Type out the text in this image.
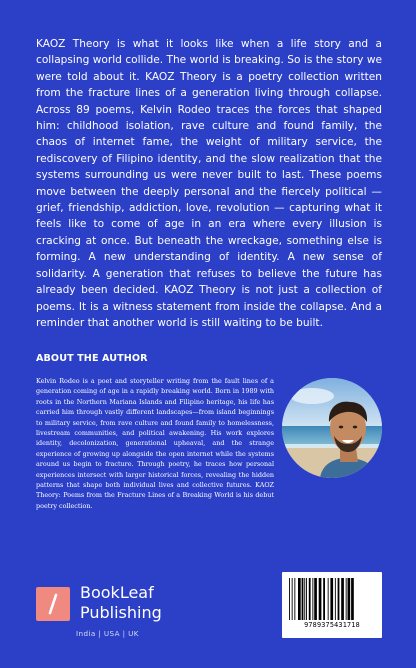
KAOZ Theory is what it looks like when a life story and a collapsing world collide. The world is breaking. So is the story we were told about it. KAOZ Theory is a poetry collection written from the fracture lines of a generation living through collapse. Across 89 poems, Kelvin Rodeo traces the forces that shaped him: childhood isolation, rave culture and found family, the chaos of internet fame, the weight of military service, the rediscovery of Filipino identity, and the slow realization that the systems surrounding us were never built to last. These poems move between the deeply personal and the fiercely political — grief, friendship, addiction, love, revolution — capturing what it feels like to come of age in an era where every illusion is cracking at once. But beneath the wreckage, something else is forming. A new understanding of identity. A new sense of solidarity. A generation that refuses to believe the future has already been decided. KAOZ Theory is not just a collection of poems. It is a witness statement from inside the collapse. And a reminder that another world is still waiting to be built.

ABOUT THE AUTHOR

Kelvin Rodeo is a poet and storyteller writing from the fault lines of a generation coming of age in a rapidly breaking world. Born in 1989 with roots in the Northern Mariana Islands and Filipino heritage, his life has carried him through vastly different landscapes—from island beginnings to military service, from rave culture and found family to homelessness, livestream communities, and political awakening. His work explores identity, decolonization, generational upheaval, and the strange experience of growing up alongside the open internet while the systems around us begin to fracture. Through poetry, he traces how personal experiences intersect with larger historical forces, revealing the hidden patterns that shape both individual lives and collective futures. KAOZ Theory: Poems from the Fracture Lines of a Breaking World is his debut poetry collection.

BookLeaf
Publishing
India | USA | UK
9789375431718
